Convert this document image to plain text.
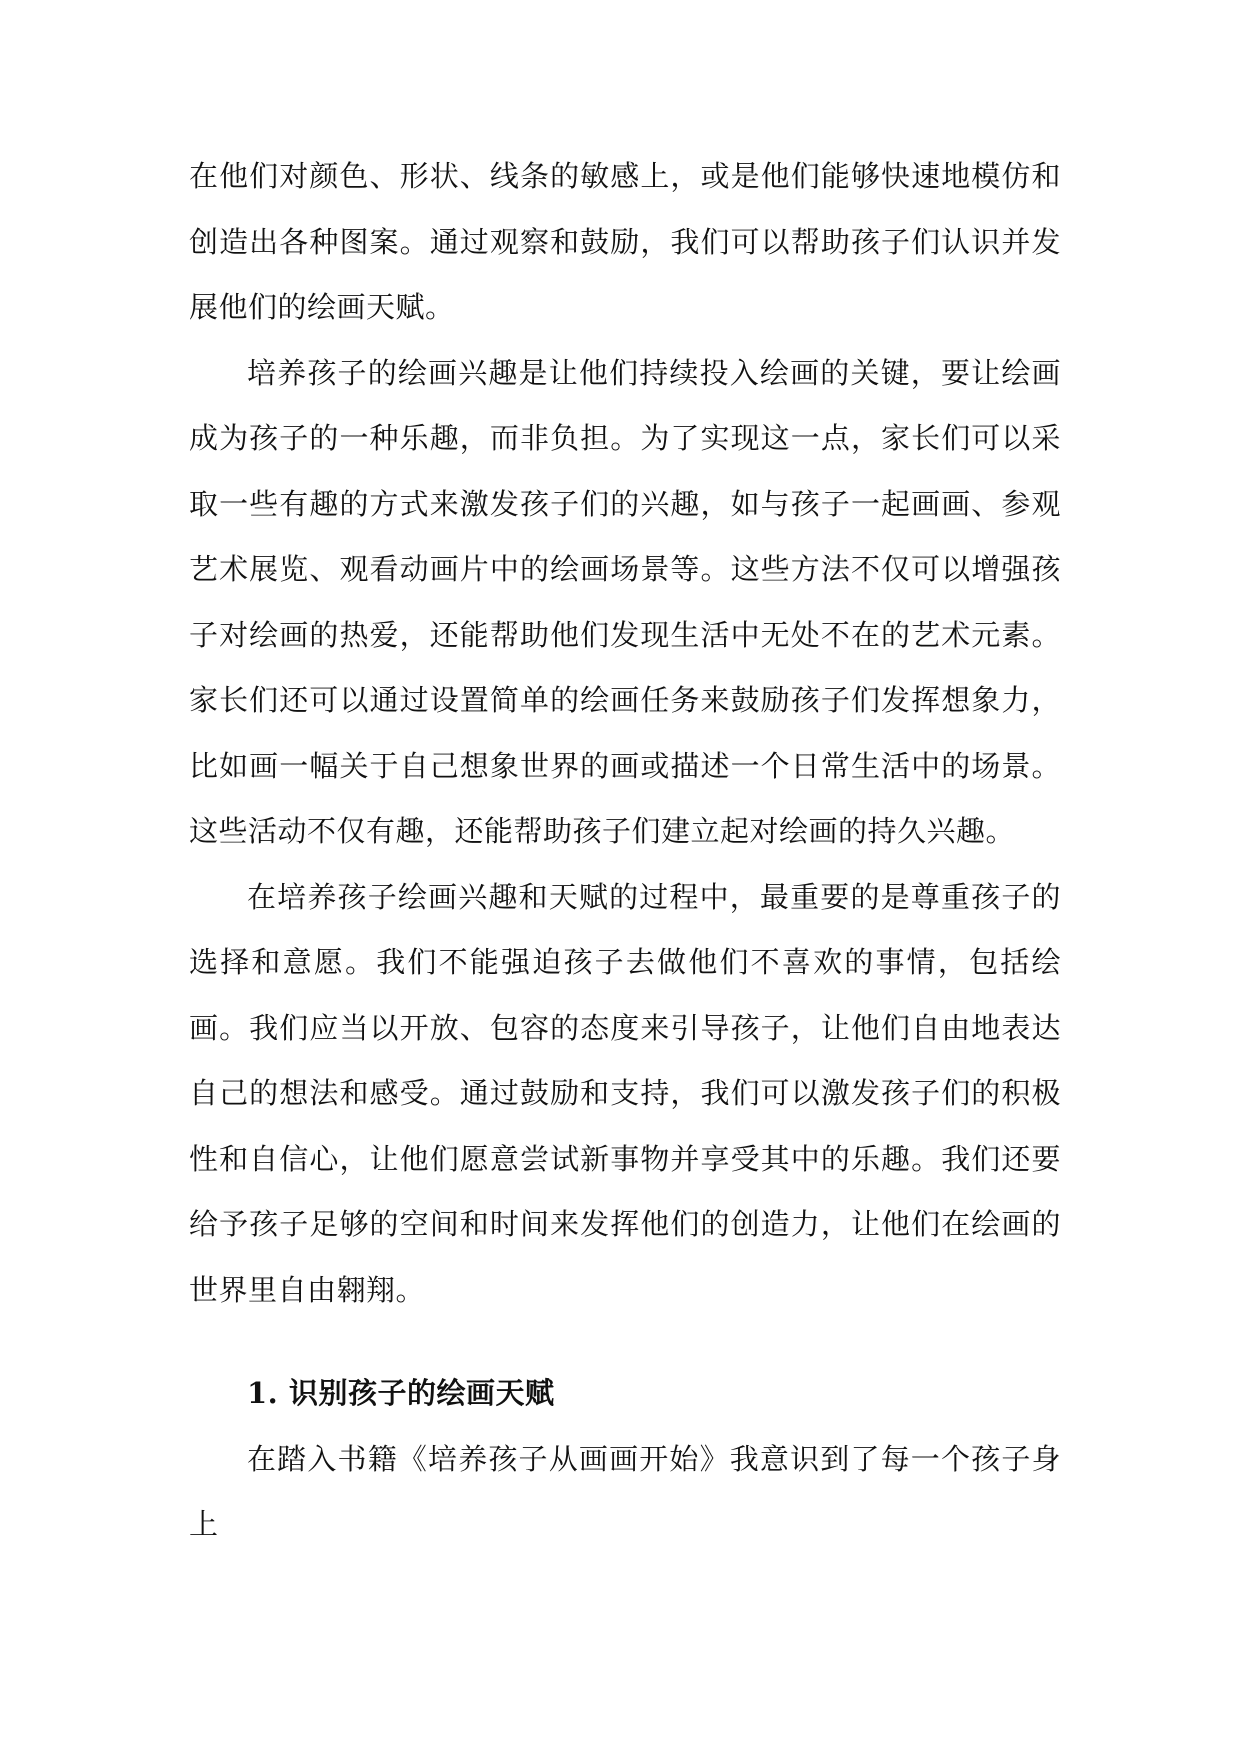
在他们对颜色、形状、线条的敏感上，或是他们能够快速地模仿和创造出各种图案。通过观察和鼓励，我们可以帮助孩子们认识并发展他们的绘画天赋。

培养孩子的绘画兴趣是让他们持续投入绘画的关键，要让绘画成为孩子的一种乐趣，而非负担。为了实现这一点，家长们可以采取一些有趣的方式来激发孩子们的兴趣，如与孩子一起画画、参观艺术展览、观看动画片中的绘画场景等。这些方法不仅可以增强孩子对绘画的热爱，还能帮助他们发现生活中无处不在的艺术元素。家长们还可以通过设置简单的绘画任务来鼓励孩子们发挥想象力，比如画一幅关于自己想象世界的画或描述一个日常生活中的场景。这些活动不仅有趣，还能帮助孩子们建立起对绘画的持久兴趣。

在培养孩子绘画兴趣和天赋的过程中，最重要的是尊重孩子的选择和意愿。我们不能强迫孩子去做他们不喜欢的事情，包括绘画。我们应当以开放、包容的态度来引导孩子，让他们自由地表达自己的想法和感受。通过鼓励和支持，我们可以激发孩子们的积极性和自信心，让他们愿意尝试新事物并享受其中的乐趣。我们还要给予孩子足够的空间和时间来发挥他们的创造力，让他们在绘画的世界里自由翱翔。

1. 识别孩子的绘画天赋

在踏入书籍《培养孩子从画画开始》我意识到了每一个孩子身上
